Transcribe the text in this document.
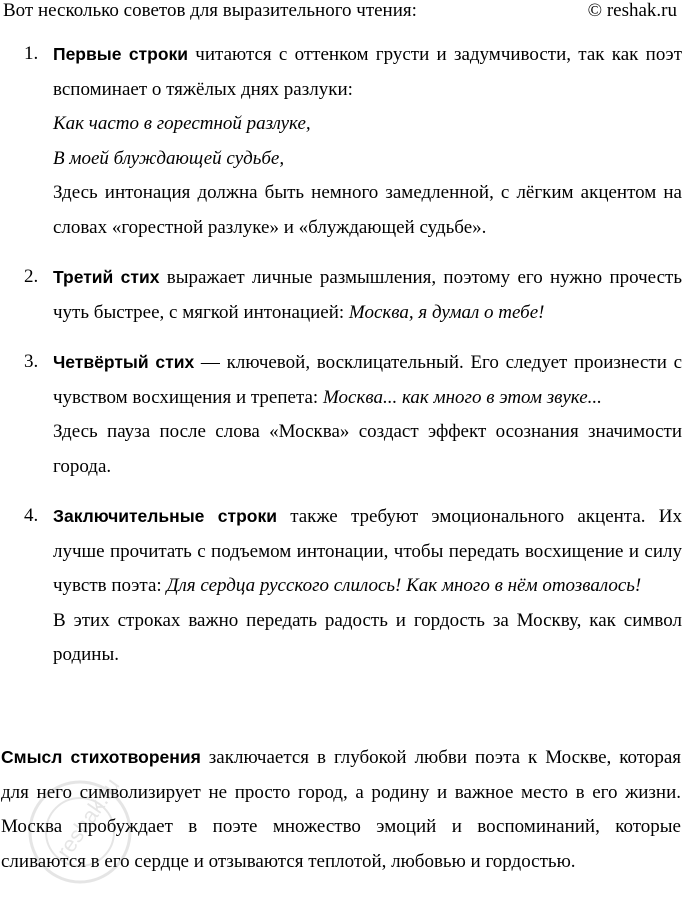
Вот несколько советов для выразительного чтения:	© reshak.ru
1. Первые строки читаются с оттенком грусти и задумчивости, так как поэт вспоминает о тяжёлых днях разлуки:

Как часто в горестной разлуке,

В моей блуждающей судьбе,

Здесь интонация должна быть немного замедленной, с лёгким акцентом на словах «горестной разлуке» и «блуждающей судьбе».

2. Третий стих выражает личные размышления, поэтому его нужно прочесть чуть быстрее, с мягкой интонацией: Москва, я думал о тебе!

3. Четвёртый стих — ключевой, восклицательный. Его следует произнести с чувством восхищения и трепета: Москва... как много в этом звуке...

Здесь пауза после слова «Москва» создаст эффект осознания значимости города.

4. Заключительные строки также требуют эмоционального акцента. Их лучше прочитать с подъемом интонации, чтобы передать восхищение и силу чувств поэта: Для сердца русского слилось! Как много в нём отозвалось!

В этих строках важно передать радость и гордость за Москву, как символ родины.

Смысл стихотворения заключается в глубокой любви поэта к Москве, которая для него символизирует не просто город, а родину и важное место в его жизни. Москва пробуждает в поэте множество эмоций и воспоминаний, которые сливаются в его сердце и отзываются теплотой, любовью и гордостью.

reshak.ru
